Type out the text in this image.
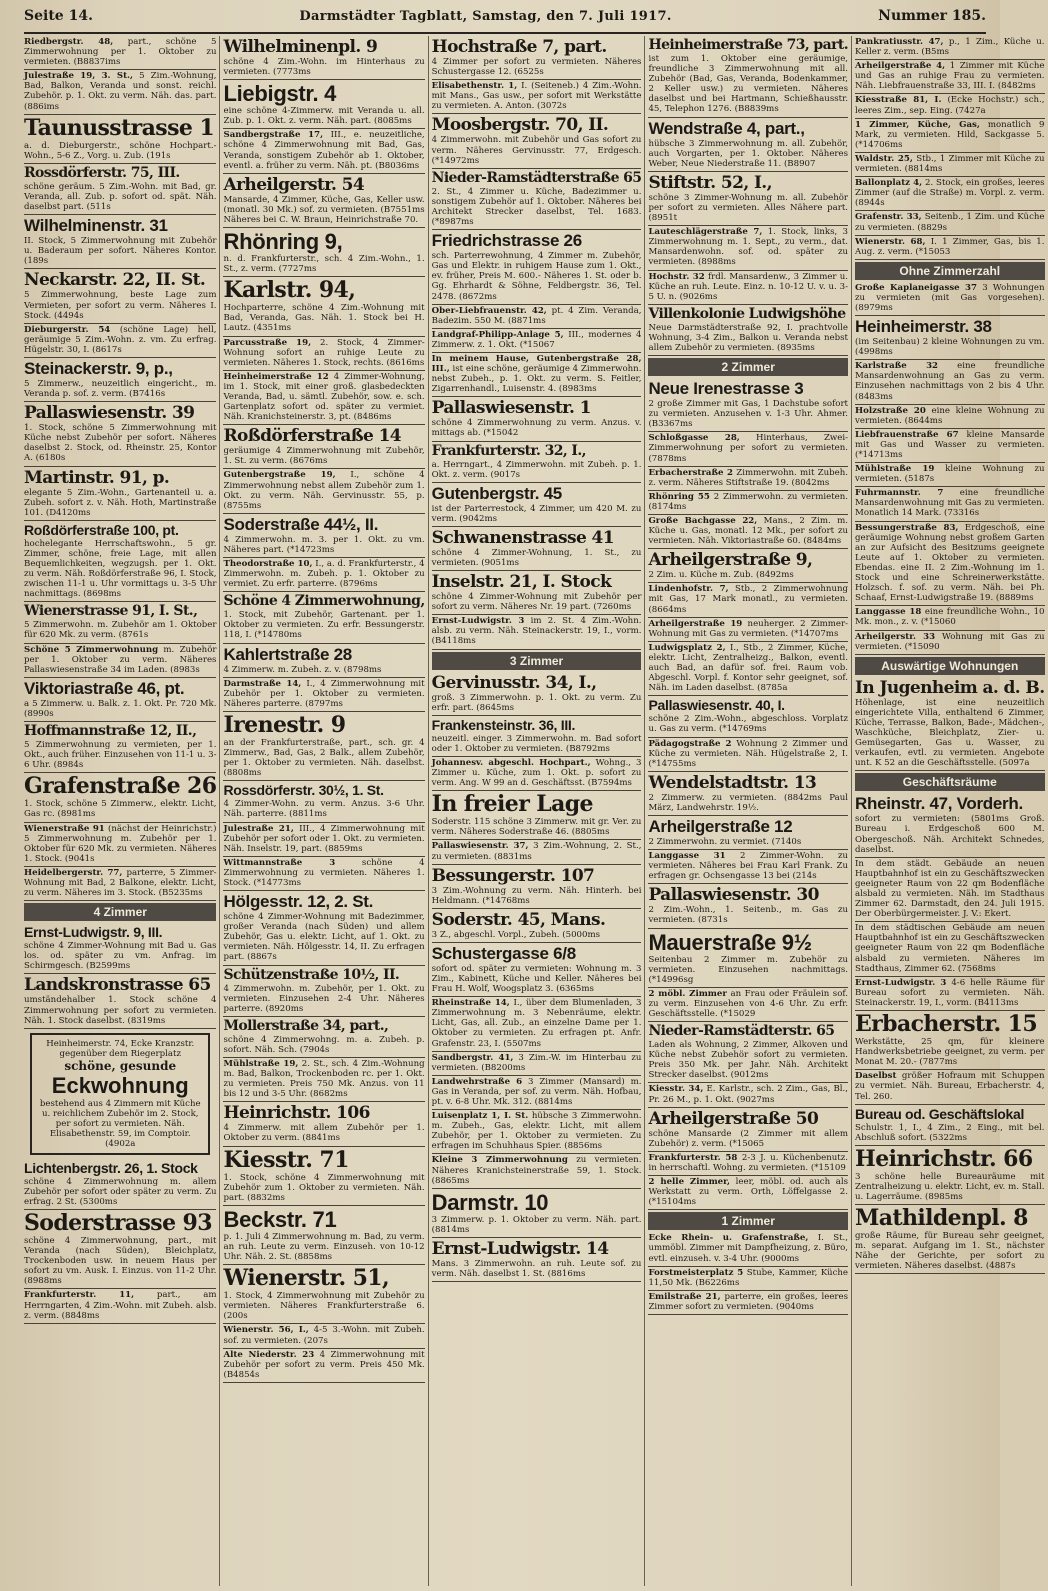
Seite 14.	Darmstädter Tagblatt, Samstag, den 7. Juli 1917.	Nummer 185.
Riedbergstr. 48, part., schöne 5 Zimmerwohnung per 1. Oktober zu vermieten. (B8837ims
Julestraße 19, 3. St., 5 Zim.-Wohnung, Bad, Balkon, Veranda und sonst. reichl. Zubehör. p. 1. Okt. zu verm. Näh. das. part. (886ims
Taunusstrasse 1
a. d. Dieburgerstr., schöne Hochpart.-Wohn., 5-6 Z., Vorg. u. Zub. (191s
Rossdörferstr. 75, III.
schöne geräum. 5 Zim.-Wohn. mit Bad, gr. Veranda, all. Zub. p. sofort od. spät. Näh. daselbst part. (511s
Wilhelminenstr. 31
II. Stock, 5 Zimmerwohnung mit Zubehör u. Baderaum per sofort. Näheres Kontor. (189s
Neckarstr. 22, II. St.
5 Zimmerwohnung, beste Lage zum Vermieten, per sofort zu verm. Näheres I. Stock. (4494s
Dieburgerstr. 54 (schöne Lage) hell, geräumige 5 Zim.-Wohn. z. vm. Zu erfrag. Hügelstr. 30, I. (8617s
Steinackerstr. 9, p.,
5 Zimmerw., neuzeitlich eingericht., m. Veranda p. sof. z. verm. (B7416s
Pallaswiesenstr. 39
1. Stock, schöne 5 Zimmerwohnung mit Küche nebst Zubehör per sofort. Näheres daselbst 2. Stock, od. Rheinstr. 25, Kontor A. (6180s
Martinstr. 91, p.
elegante 5 Zim.-Wohn., Gartenanteil u. a. Zubeh. sofort z. v. Näh. Hoth, Martinstraße 101. (D4120ms
Roßdörferstraße 100, pt.
hochelegante Herrschaftswohn., 5 gr. Zimmer, schöne, freie Lage, mit allen Bequemlichkeiten, wegzugsh. per 1. Okt. zu verm. Näh. Roßdörferstraße 96, I. Stock, zwischen 11-1 u. Uhr vormittags u. 3-5 Uhr nachmittags. (8698ms
Wienerstrasse 91, I. St.,
5 Zimmerwohn. m. Zubehör am 1. Oktober für 620 Mk. zu verm. (8761s
Schöne 5 Zimmerwohnung m. Zubehör per 1. Oktober zu verm. Näheres Pallaswiesenstraße 34 im Laden. (8983s
Viktoriastraße 46, pt.
a 5 Zimmerw. u. Balk. z. 1. Okt. Pr. 720 Mk. (8990s
Hoffmannstraße 12, II.,
5 Zimmerwohnung zu vermieten, per 1. Okt., auch früher. Einzusehen von 11-1 u. 3-6 Uhr. (8984s
Grafenstraße 26
1. Stock, schöne 5 Zimmerw., elektr. Licht, Gas rc. (8981ms
Wienerstraße 91 (nächst der Heinrichstr.) 5 Zimmerwohnung m. Zubehör per 1. Oktober für 620 Mk. zu vermieten. Näheres 1. Stock. (9041s
Heidelbergerstr. 77, parterre, 5 Zimmer-Wohnung mit Bad, 2 Balkone, elektr. Licht, zu verm. Näheres im 3. Stock. (B5235ms
4 Zimmer
Ernst-Ludwigstr. 9, III.
schöne 4 Zimmer-Wohnung mit Bad u. Gas los. od. später zu vm. Anfrag. im Schirmgesch. (B2599ms
Landskronstrasse 65
umständehalber 1. Stock schöne 4 Zimmerwohnung per sofort zu vermieten. Näh. 1. Stock daselbst. (8319ms
Heinheimerstr. 74, Ecke Kranzstr. gegenüber dem Riegerplatz
schöne, gesunde
Eckwohnung
bestehend aus 4 Zimmern mit Küche u. reichlichem Zubehör im 2. Stock, per sofort zu vermieten. Näh. Elisabethenstr. 59, im Comptoir. (4902a
Lichtenbergstr. 26, 1. Stock
schöne 4 Zimmerwohnung m. allem Zubehör per sofort oder später zu verm. Zu erfrag. 2 St. (5300ms
Soderstrasse 93
schöne 4 Zimmerwohnung, part., mit Veranda (nach Süden), Bleichplatz, Trockenboden usw. in neuem Haus per sofort zu vm. Ausk. I. Einzus. von 11-2 Uhr. (8988ms
Frankfurterstr. 11,	part., am Herrngarten, 4 Zim.-Wohn. mit Zubeh. alsb. z. verm. (8848ms
Wilhelminenpl. 9
schöne 4 Zim.-Wohn. im Hinterhaus zu vermieten. (7773ms
Liebigstr. 4
eine schöne 4-Zimmerw. mit Veranda u. all. Zub. p. 1. Okt. z. verm. Näh. part. (8085ms
Sandbergstraße 17, III., e. neuzeitliche, schöne 4 Zimmerwohnung mit Bad, Gas, Veranda, sonstigem Zubehör ab 1. Oktober, eventl. a. früher zu verm. Näh. pt. (B8036ms
Arheilgerstr. 54
Mansarde, 4 Zimmer, Küche, Gas, Keller usw. (monatl. 30 Mk.) sof. zu vermieten. (B7551ms Näheres bei C. W. Braun, Heinrichstraße 70.
Rhönring 9,
n. d. Frankfurterstr., sch. 4 Zim.-Wohn., 1. St., z. verm. (7727ms
Karlstr. 94,
Hochparterre, schöne 4 Zim.-Wohnung mit Bad, Veranda, Gas. Näh. 1. Stock bei H. Lautz. (4351ms
Parcusstraße 19, 2. Stock, 4 Zimmer-Wohnung sofort an ruhige Leute zu vermieten. Näheres 1. Stock, rechts. (8616ms
Heinheimerstraße 12 4 Zimmer-Wohnung, im 1. Stock, mit einer groß. glasbedeckten Veranda, Bad, u. sämtl. Zubehör, sow. e. sch. Gartenplatz sofort od. später zu vermiet. Näh. Kranichsteinerstr. 3, pt. (8486ms
Roßdörferstraße 14
geräumige 4 Zimmerwohnung mit Zubehör, 1. St. zu verm. (8676ms
Gutenbergstraße 19, I., schöne 4 Zimmerwohnung nebst allem Zubehör zum 1. Okt. zu verm. Näh. Gervinusstr. 55, p. (8755ms
Soderstraße 44½, II.
4 Zimmerwohn. m. 3. per 1. Okt. zu vm. Näheres part. (*14723ms
Theodorstraße 10, I., a. d. Frankfurterstr., 4 Zimmerwohn. m. Zubeh. p. 1. Oktober zu vermiet. Zu erfr. parterre. (8796ms
Schöne 4 Zimmerwohnung,
1. Stock, mit Zubehör, Gartenant. per 1. Oktober zu vermieten. Zu erfr. Bessungerstr. 118, I. (*14780ms
Kahlertstraße 28
4 Zimmerw. m. Zubeh. z. v. (8798ms
Darmstraße 14, I., 4 Zimmerwohnung mit Zubehör per 1. Oktober zu vermieten. Näheres parterre. (8797ms
Irenestr. 9
an der Frankfurterstraße, part., sch. gr. 4 Zimmerw., Bad, Gas, 2 Balk., allem Zubehör, per 1. Oktober zu vermieten. Näh. daselbst. (8808ms
Rossdörferstr. 30½, 1. St.
4 Zimmer-Wohn. zu verm. Anzus. 3-6 Uhr. Näh. parterre. (8811ms
Julestraße 21, III., 4 Zimmerwohnung mit Zubehör per sofort oder 1. Okt. zu vermieten. Näh. Inselstr. 19, part. (8859ms
Wittmannstraße 3	schöne 4 Zimmerwohnung zu vermieten. Näheres 1. Stock. (*14773ms
Hölgesstr. 12, 2. St.
schöne 4 Zimmer-Wohnung mit Badezimmer, großer Veranda (nach Süden) und allem Zubehör, Gas u. elektr. Licht, auf 1. Okt. zu vermieten. Näh. Hölgesstr. 14, II. Zu erfragen part. (8867s
Schützenstraße 10½, II.
4 Zimmerwohn. m. Zubehör, per 1. Okt. zu vermieten. Einzusehen 2-4 Uhr. Näheres parterre. (8920ms
Mollerstraße 34, part.,
schöne 4 Zimmerwohng. m. a. Zubeh. p. sofort. Näh. Sch. (7904s
Mühlstraße 19, 2. St., sch. 4 Zim.-Wohnung m. Bad, Balkon, Trockenboden rc. per 1. Okt. zu vermieten. Preis 750 Mk. Anzus. von 11 bis 12 und 3-5 Uhr. (8682ms
Heinrichstr. 106
4 Zimmerw. mit allem Zubehör per 1. Oktober zu verm. (8841ms
Kiesstr. 71
1. Stock, schöne 4 Zimmerwohnung mit Zubehör zum 1. Oktober zu vermieten. Näh. part. (8832ms
Beckstr. 71
p. 1. Juli 4 Zimmerwohnung m. Bad, zu verm. an ruh. Leute zu verm. Einzuseh. von 10-12 Uhr. Näh. 2. St. (8858ms
Wienerstr. 51,
1. Stock, 4 Zimmerwohnung mit Zubehör zu vermieten. Näheres Frankfurterstraße 6. (200s
Wienerstr. 56, I., 4-5 3.-Wohn. mit Zubeh. sof. zu vermieten. (207s
Alte Niederstr. 23 4 Zimmerwohnung mit Zubehör per sofort zu verm. Preis 450 Mk. (B4854s
Hochstraße 7, part.
4 Zimmer per sofort zu vermieten. Näheres Schustergasse 12. (6525s
Elisabethenstr. 1, I. (Seiteneb.) 4 Zim.-Wohn. mit Mans., Gas usw., per sofort mit Werkstätte zu vermieten. A. Anton. (3072s
Moosbergstr. 70, II.
4 Zimmerwohn. mit Zubehör und Gas sofort zu verm. Näheres Gervinusstr. 77, Erdgesch. (*14972ms
Nieder-Ramstädterstraße 65
2. St., 4 Zimmer u. Küche, Badezimmer u. sonstigem Zubehör auf 1. Oktober. Näheres bei Architekt Strecker daselbst, Tel. 1683. (*8987ms
Friedrichstrasse 26
sch. Parterrewohnung, 4 Zimmer m. Zubehör, Gas und Elektr. in ruhigem Hause zum 1. Okt., ev. früher, Preis M. 600.- Näheres 1. St. oder b. Gg. Ehrhardt & Söhne, Feldbergstr. 36, Tel. 2478. (8672ms
Ober-Liebfrauenstr. 42, pt. 4 Zim. Veranda, Badezim. 550 M. (8871ms
Landgraf-Philipp-Anlage 5, III., modernes 4 Zimmerw. z. 1. Okt. (*15067
In meinem Hause, Gutenbergstraße 28, III., ist eine schöne, geräumige 4 Zimmerwohn. nebst Zubeh., p. 1. Okt. zu verm. S. Feitler, Zigarrenhandl., Luisenstr. 4. (8983ms
Pallaswiesenstr. 1
schöne 4 Zimmerwohnung zu verm. Anzus. v. mittags ab. (*15042
Frankfurterstr. 32, I.,
a. Herrngart., 4 Zimmerwohn. mit Zubeh. p. 1. Okt. z. verm. (9017s
Gutenbergstr. 45
ist der Parterrestock, 4 Zimmer, um 420 M. zu verm. (9042ms
Schwanenstrasse 41
schöne 4 Zimmer-Wohnung, 1. St., zu vermieten. (9051ms
Inselstr. 21, I. Stock
schöne 4 Zimmer-Wohnung mit Zubehör per sofort zu verm. Näheres Nr. 19 part. (7260ms
Ernst-Ludwigstr. 3 im 2. St. 4 Zim.-Wohn. alsb. zu verm. Näh. Steinackerstr. 19, I., vorm. (B4118ms
3 Zimmer
Gervinusstr. 34, I.,
groß. 3 Zimmerwohn. p. 1. Okt. zu verm. Zu erfr. part. (8645ms
Frankensteinstr. 36, III.
neuzeitl. einger. 3 Zimmerwohn. m. Bad sofort oder 1. Oktober zu vermieten. (B8792ms
Johannesv. abgeschl. Hochpart., Wohng., 3 Zimmer u. Küche, zum 1. Okt. p. sofort zu verm. Ang. W 99 an d. Geschäftsst. (B7594ms
In freier Lage
Soderstr. 115 schöne 3 Zimmerw. mit gr. Ver. zu verm. Näheres Soderstraße 46. (8805ms
Pallaswiesenstr. 37, 3 Zim.-Wohnung, 2. St., zu vermieten. (8831ms
Bessungerstr. 107
3 Zim.-Wohnung zu verm. Näh. Hinterh. bei Heldmann. (*14768ms
Soderstr. 45, Mans.
3 Z., abgeschl. Vorpl., Zubeh. (5000ms
Schustergasse 6/8
sofort od. später zu vermieten: Wohnung m. 3 Zim., Kabinett, Küche und Keller. Näheres bei Frau H. Wolf, Woogsplatz 3. (6365ms
Rheinstraße 14, I., über dem Blumenladen, 3 Zimmerwohnung m. 3 Nebenräume, elektr. Licht, Gas, all. Zub., an einzelne Dame per 1. Oktober zu vermieten. Zu erfragen pt. Anfr. Grafenstr. 23, I. (5507ms
Sandbergstr. 41, 3 Zim.-W. im Hinterbau zu vermieten. (B8200ms
Landwehrstraße 6 3 Zimmer (Mansard) m. Gas in Veranda, per sof. zu verm. Näh. Hofbau, pt. v. 6-8 Uhr. Mk. 312. (8814ms
Luisenplatz 1, I. St. hübsche 3 Zimmerwohn. m. Zubeh., Gas, elektr. Licht, mit allem Zubehör, per 1. Oktober zu vermieten. Zu erfragen im Schuhhaus Spier. (8856ms
Kleine 3 Zimmerwohnung zu vermieten. Näheres Kranichsteinerstraße 59, 1. Stock. (8865ms
Darmstr. 10
3 Zimmerw. p. 1. Oktober zu verm. Näh. part. (8814ms
Ernst-Ludwigstr. 14
Mans. 3 Zimmerwohn. an ruh. Leute sof. zu verm. Näh. daselbst 1. St. (8816ms
Heinheimerstraße 73, part.
ist zum 1. Oktober eine geräumige, freundliche 3 Zimmerwohnung mit all. Zubehör (Bad, Gas, Veranda, Bodenkammer, 2 Keller usw.) zu vermieten. Näheres daselbst und bei Hartmann, Schießhausstr. 45, Telephon 1276. (B8839ms
Wendstraße 4, part.,
hübsche 3 Zimmerwohnung m. all. Zubehör, auch Vorgarten, per 1. Oktober. Näheres Weber, Neue Niederstraße 11. (B8907
Stiftstr. 52, I.,
schöne 3 Zimmer-Wohnung m. all. Zubehör per sofort zu vermieten. Alles Nähere part. (8951t
Lauteschlägerstraße 7, 1. Stock, links, 3 Zimmerwohnung m. 1. Sept., zu verm., dat. Mansardenwohn. sof. od. später zu vermieten. (8988ms
Hochstr. 32 frdl. Mansardenw., 3 Zimmer u. Küche an ruh. Leute. Einz. n. 10-12 U. v. u. 3-5 U. n. (9026ms
Villenkolonie Ludwigshöhe
Neue Darmstädterstraße 92, I. prachtvolle Wohnung, 3-4 Zim., Balkon u. Veranda nebst allem Zubehör zu vermieten. (8935ms
2 Zimmer
Neue Irenestrasse 3
2 große Zimmer mit Gas, 1 Dachstube sofort zu vermieten. Anzusehen v. 1-3 Uhr. Ahmer. (B3367ms
Schloßgasse 28, Hinterhaus, Zwei-Zimmerwohnung per sofort zu vermieten. (7878ms
Erbacherstraße 2 Zimmerwohn. mit Zubeh. z. verm. Näheres Stiftstraße 19. (8042ms
Rhönring 55 2 Zimmerwohn. zu vermieten. (8174ms
Große Bachgasse 22, Mans., 2 Zim. m. Küche u. Gas, monatl. 12 Mk., per sofort zu vermieten. Näh. Viktoriastraße 60. (8484ms
Arheilgerstraße 9,
2 Zim. u. Küche m. Zub. (8492ms
Lindenhofstr. 7, Stb., 2 Zimmerwohnung mit Gas, 17 Mark monatl., zu vermieten. (8664ms
Arheilgerstraße 19 neuherger. 2 Zimmer-Wohnung mit Gas zu vermieten. (*14707ms
Ludwigsplatz 2, I., Stb., 2 Zimmer, Küche, elektr. Licht, Zentralheizg., Balkon, eventl. auch Bad, an dafür sof. frei. Raum vob. Abgeschl. Vorpl. f. Kontor sehr geeignet, sof. Näh. im Laden daselbst. (8785a
Pallaswiesenstr. 40, I.
schöne 2 Zim.-Wohn., abgeschloss. Vorplatz u. Gas zu verm. (*14769ms
Pädagogstraße 2 Wohnung 2 Zimmer und Küche zu vermieten. Näh. Hügelstraße 2, I. (*14755ms
Wendelstadtstr. 13
2 Zimmerw. zu vermieten. (8842ms Paul März, Landwehrstr. 19½.
Arheilgerstraße 12
2 Zimmerwohn. zu vermiet. (7140s
Langgasse 31 2 Zimmer-Wohn. zu vermieten. Näheres bei Frau Karl Frank. Zu erfragen gr. Ochsengasse 13 bei (214s
Pallaswiesenstr. 30
2 Zim.-Wohn., 1. Seitenb., m. Gas zu vermieten. (8731s
Mauerstraße 9½
Seitenbau 2 Zimmer m. Zubehör zu vermieten. Einzusehen nachmittags. (*14996sg
2 möbl. Zimmer an Frau oder Fräulein sof. zu verm. Einzusehen von 4-6 Uhr. Zu erfr. Geschäftsstelle. (*15029
Nieder-Ramstädterstr. 65
Laden als Wohnung, 2 Zimmer, Alkoven und Küche nebst Zubehör sofort zu vermieten. Preis 350 Mk. per Jahr. Näh. Architekt Strecker daselbst. (9012ms
Kiesstr. 34, E. Karlstr., sch. 2 Zim., Gas, Bl., Pr. 26 M., p. 1. Okt. (9027ms
Arheilgerstraße 50
schöne Mansarde (2 Zimmer mit allem Zubehör) z. verm. (*15065
Frankfurterstr. 58 2-3 J. u. Küchenbenutz. in herrschaftl. Wohng. zu vermieten. (*15109
2 helle Zimmer, leer, möbl. od. auch als Werkstatt zu verm. Orth, Löffelgasse 2. (*15104ms
1 Zimmer
Ecke Rhein- u. Grafenstraße, I. St., ummöbl. Zimmer mit Dampfheizung, z. Büro, evtl. einzuseh. v. 3-4 Uhr. (9000ms
Forstmeisterplatz 5 Stube, Kammer, Küche 11,50 Mk. (B6226ms
Emilstraße 21, parterre, ein großes, leeres Zimmer sofort zu vermieten. (9040ms
Pankratiusstr. 47, p., 1 Zim., Küche u. Keller z. verm. (B5ms
Arheilgerstraße 4, 1 Zimmer mit Küche und Gas an ruhige Frau zu vermieten. Näh. Liebfrauenstraße 33, III. I. (8482ms
Kiesstraße 81, I. (Ecke Hochstr.) sch., leeres Zim., sep. Eing. (7427a
1 Zimmer, Küche, Gas, monatlich 9 Mark, zu vermieten. Hild, Sackgasse 5. (*14706ms
Waldstr. 25, Stb., 1 Zimmer mit Küche zu vermieten. (8814ms
Ballonplatz 4, 2. Stock, ein großes, leeres Zimmer (auf die Straße) m. Vorpl. z. verm. (8944s
Grafenstr. 33, Seitenb., 1 Zim. und Küche zu vermieten. (8829s
Wienerstr. 68, I. 1 Zimmer, Gas, bis 1. Aug. z. verm. (*15053
Ohne Zimmerzahl
Große Kaplaneigasse 37 3 Wohnungen zu vermieten (mit Gas vorgesehen). (8979ms
Heinheimerstr. 38
(im Seitenbau) 2 kleine Wohnungen zu vm. (4998ms
Karlstraße 32 eine freundliche Mansardenwohnung an Gas zu verm. Einzusehen nachmittags von 2 bis 4 Uhr. (8483ms
Holzstraße 20 eine kleine Wohnung zu vermieten. (8644ms
Liebfrauenstraße 67 kleine Mansarde mit Gas und Wasser zu vermieten. (*14713ms
Mühlstraße 19 kleine Wohnung zu vermieten. (5187s
Fuhrmannstr. 7 eine freundliche Mansardenwohnung mit Gas zu vermieten. Monatlich 14 Mark. (73316s
Bessungerstraße 83, Erdgeschoß, eine geräumige Wohnung nebst großem Garten an zur Aufsicht des Besitzums geeignete Leute auf 1. Oktober zu vermieten. Ebendas. eine II. 2 Zim.-Wohnung im 1. Stock und eine Schreinerwerkstätte. Holzsch. f. sof. zu verm. Näh. bei Ph. Schaaf, Ernst-Ludwigstraße 19. (8889ms
Langgasse 18 eine freundliche Wohn., 10 Mk. mon., z. v. (*15060
Arheilgerstr. 33 Wohnung mit Gas zu vermieten. (*15090
Auswärtige Wohnungen
In Jugenheim a. d. B.
Höhenlage, ist eine neuzeitlich eingerichtete Villa, enthaltend 6 Zimmer, Küche, Terrasse, Balkon, Bade-, Mädchen-, Waschküche, Bleichplatz, Zier- u. Gemüsegarten, Gas u. Wasser, zu verkaufen, evtl. zu vermieten. Angebote unt. K 52 an die Geschäftsstelle. (5097a
Geschäftsräume
Rheinstr. 47, Vorderh.
sofort zu vermieten: (5801ms Groß. Bureau i. Erdgeschoß 600 M. Obergeschoß. Näh. Architekt Schnedes, daselbst.
In dem städt. Gebäude an neuen Hauptbahnhof ist ein zu Geschäftszwecken geeigneter Raum von 22 qm Bodenfläche alsbald zu vermieten. Näh. im Stadthaus Zimmer 62. Darmstadt, den 24. Juli 1915. Der Oberbürgermeister. J. V.: Ekert.
In dem städtischen Gebäude am neuen Hauptbahnhof ist ein zu Geschäftszwecken geeigneter Raum von 22 qm Bodenfläche alsbald zu vermieten. Näheres im Stadthaus, Zimmer 62. (7568ms
Ernst-Ludwigstr. 3 4-6 helle Räume für Bureau sofort zu vermieten. Näh. Steinackerstr. 19, I., vorm. (B4113ms
Erbacherstr. 15
Werkstätte, 25 qm, für kleinere Handwerksbetriebe geeignet, zu verm. per Monat M. 20.- (7877ms
Daselbst größer Hofraum mit Schuppen zu vermiet. Näh. Bureau, Erbacherstr. 4, Tel. 260.
Bureau od. Geschäftslokal
Schulstr. 1, I., 4 Zim., 2 Eing., mit bel. Abschluß sofort. (5322ms
Heinrichstr. 66
3 schöne helle Bureauräume mit Zentralheizung u. elektr. Licht, ev. m. Stall. u. Lagerräume. (8985ms
Mathildenpl. 8
große Räume, für Bureau sehr geeignet, m. separat. Aufgang im 1. St., nächster Nähe der Gerichte, per sofort zu vermieten. Näheres daselbst. (4887s
